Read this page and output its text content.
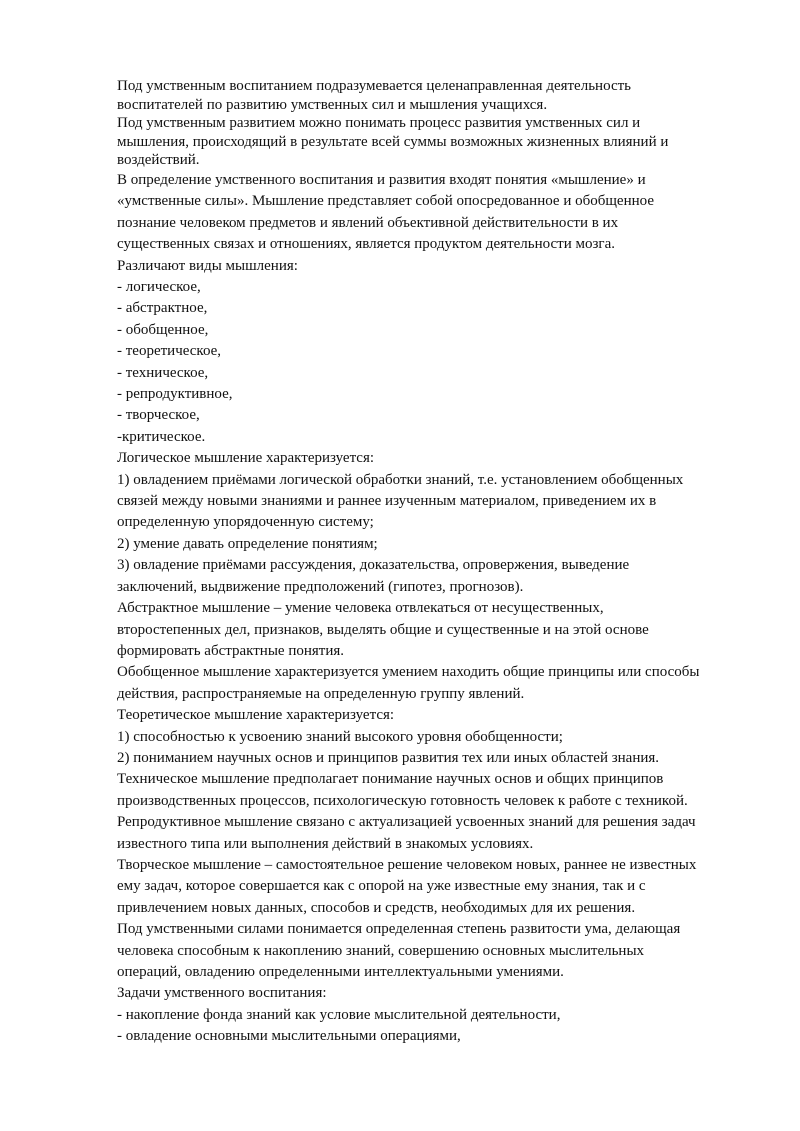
Под умственным воспитанием подразумевается целенаправленная деятельность
воспитателей по развитию умственных сил и мышления учащихся.
Под умственным развитием можно понимать процесс развития умственных сил и
мышления, происходящий в результате всей суммы возможных жизненных влияний и
воздействий.
В определение умственного воспитания и развития входят понятия «мышление» и
«умственные силы». Мышление представляет собой опосредованное и обобщенное
познание человеком предметов и явлений объективной действительности в их
существенных связах и отношениях, является продуктом деятельности мозга.
Различают виды мышления:
- логическое,
- абстрактное,
- обобщенное,
- теоретическое,
- техническое,
- репродуктивное,
- творческое,
-критическое.
Логическое мышление характеризуется:
1) овладением приёмами логической обработки знаний, т.е. установлением обобщенных
связей между новыми знаниями и раннее изученным материалом, приведением их в
определенную упорядоченную систему;
2) умение давать определение понятиям;
3) овладение приёмами рассуждения, доказательства, опровержения, выведение
заключений, выдвижение предположений (гипотез, прогнозов).
Абстрактное мышление – умение человека отвлекаться от несущественных,
второстепенных дел, признаков, выделять общие и существенные и на этой основе
формировать абстрактные понятия.
Обобщенное мышление характеризуется умением находить общие принципы или способы
действия, распространяемые на определенную группу явлений.
Теоретическое мышление характеризуется:
1) способностью к усвоению знаний высокого уровня обобщенности;
2) пониманием научных основ и принципов развития тех или иных областей знания.
Техническое мышление предполагает понимание научных основ и общих принципов
производственных процессов, психологическую готовность человек к работе с техникой.
Репродуктивное мышление связано с актуализацией усвоенных знаний для решения задач
известного типа или выполнения действий в знакомых условиях.
Творческое мышление – самостоятельное решение человеком новых, раннее не известных
ему задач, которое совершается как с опорой на уже известные ему знания, так и с
привлечением новых данных, способов и средств, необходимых для их решения.
Под умственными силами понимается определенная степень развитости ума, делающая
человека способным к накоплению знаний, совершению основных мыслительных
операций, овладению определенными интеллектуальными умениями.
Задачи умственного воспитания:
- накопление фонда знаний как условие мыслительной деятельности,
- овладение основными мыслительными операциями,
